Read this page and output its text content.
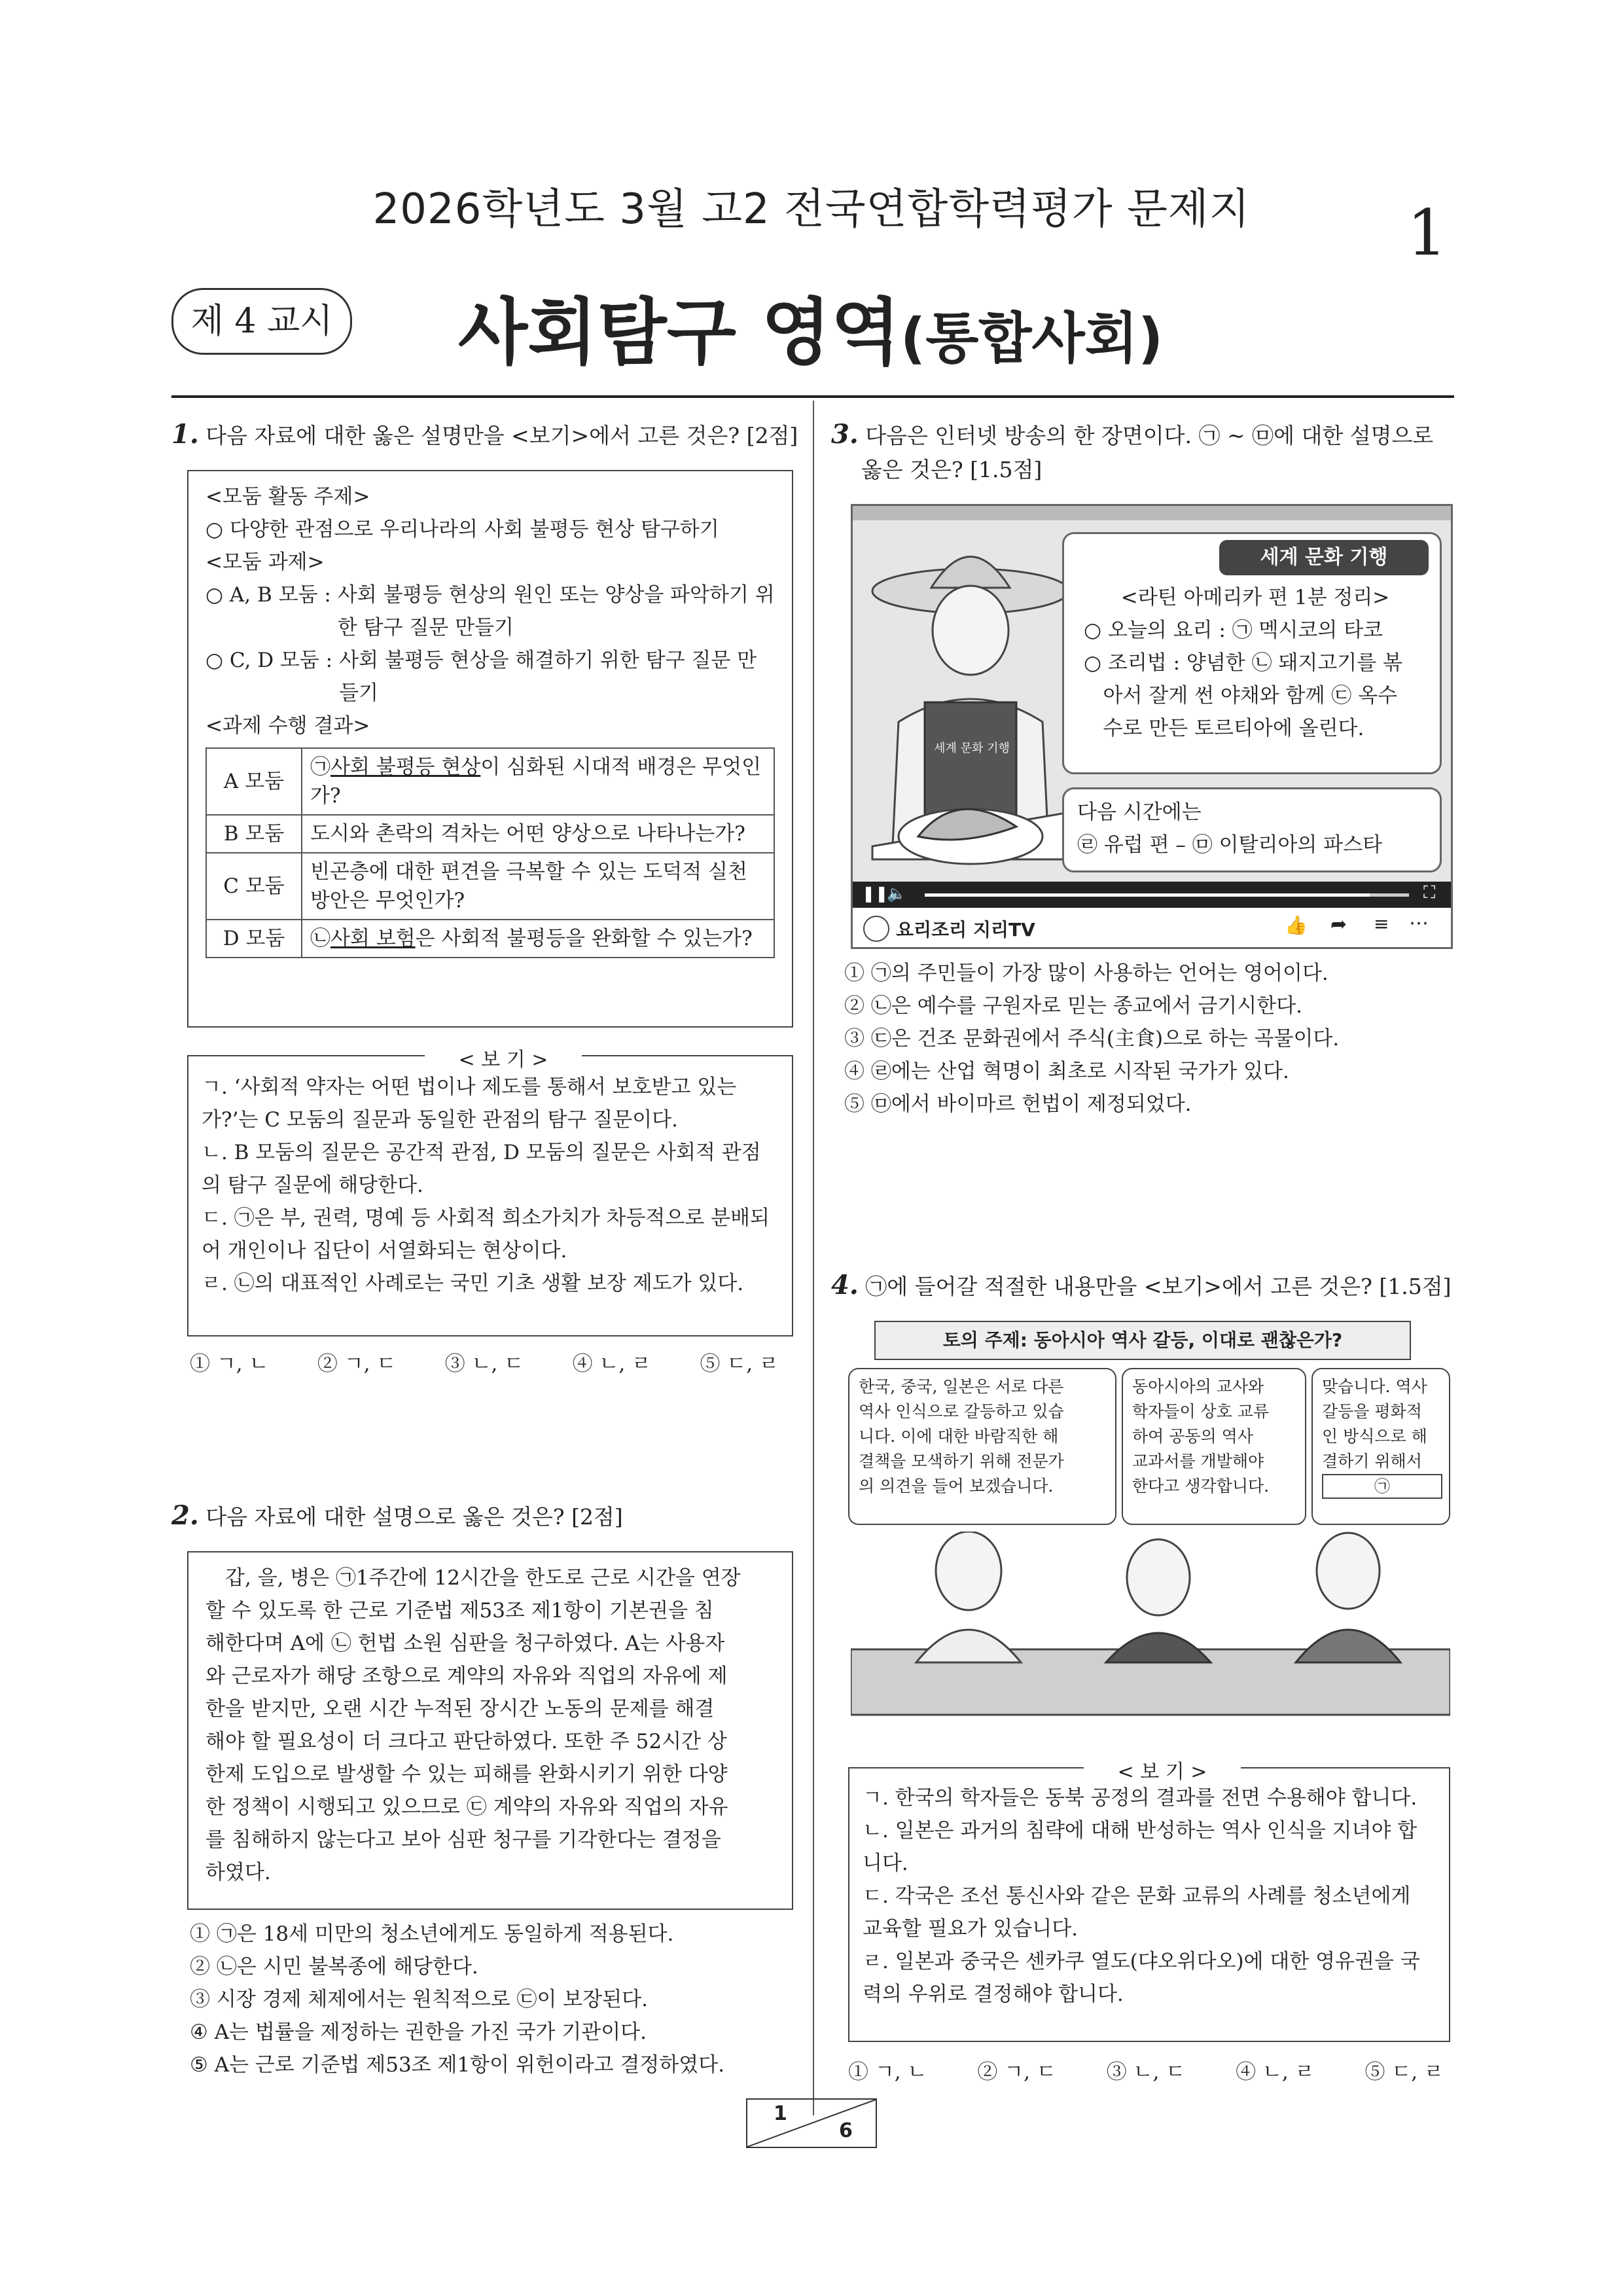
2026학년도 3월 고2 전국연합학력평가 문제지	1
제 4 교시 사회탐구 영역(통합사회)
1. 다음 자료에 대한 옳은 설명만을 <보기>에서 고른 것은? [2점]
<모둠 활동 주제>
○ 다양한 관점으로 우리나라의 사회 불평등 현상 탐구하기
<모둠 과제>
○ A, B 모둠 : 사회 불평등 현상의 원인 또는 양상을 파악하기 위한 탐구 질문 만들기
○ C, D 모둠 : 사회 불평등 현상을 해결하기 위한 탐구 질문 만들기
<과제 수행 결과>
A 모둠	㉠사회 불평등 현상이 심화된 시대적 배경은 무엇인가?
B 모둠	도시와 촌락의 격차는 어떤 양상으로 나타나는가?
C 모둠	빈곤층에 대한 편견을 극복할 수 있는 도덕적 실천 방안은 무엇인가?
D 모둠	㉡사회 보험은 사회적 불평등을 완화할 수 있는가?
ㄱ. ‘사회적 약자는 어떤 법이나 제도를 통해서 보호받고 있는가?’는 C 모둠의 질문과 동일한 관점의 탐구 질문이다.
ㄴ. B 모둠의 질문은 공간적 관점, D 모둠의 질문은 사회적 관점의 탐구 질문에 해당한다.
ㄷ. ㉠은 부, 권력, 명예 등 사회적 희소가치가 차등적으로 분배되어 개인이나 집단이 서열화되는 현상이다.
ㄹ. ㉡의 대표적인 사례로는 국민 기초 생활 보장 제도가 있다.
< 보 기 >
① ㄱ, ㄴ ② ㄱ, ㄷ ③ ㄴ, ㄷ ④ ㄴ, ㄹ ⑤ ㄷ, ㄹ
2. 다음 자료에 대한 설명으로 옳은 것은? [2점]
갑, 을, 병은 ㉠1주간에 12시간을 한도로 근로 시간을 연장
할 수 있도록 한 근로 기준법 제53조 제1항이 기본권을 침
해한다며 A에 ㉡ 헌법 소원 심판을 청구하였다. A는 사용자
와 근로자가 해당 조항으로 계약의 자유와 직업의 자유에 제
한을 받지만, 오랜 시간 누적된 장시간 노동의 문제를 해결
해야 할 필요성이 더 크다고 판단하였다. 또한 주 52시간 상
한제 도입으로 발생할 수 있는 피해를 완화시키기 위한 다양
한 정책이 시행되고 있으므로 ㉢ 계약의 자유와 직업의 자유
를 침해하지 않는다고 보아 심판 청구를 기각한다는 결정을
하였다.
① ㉠은 18세 미만의 청소년에게도 동일하게 적용된다.
② ㉡은 시민 불복종에 해당한다.
③ 시장 경제 체제에서는 원칙적으로 ㉢이 보장된다.
④ A는 법률을 제정하는 권한을 가진 국가 기관이다.
⑤ A는 근로 기준법 제53조 제1항이 위헌이라고 결정하였다.
3. 다음은 인터넷 방송의 한 장면이다. ㉠ ~ ㉤에 대한 설명으로
옳은 것은? [1.5점]
세계 문화 기행
<라틴 아메리카 편 1분 정리>
○ 오늘의 요리 : ㉠ 멕시코의 타코
○ 조리법 : 양념한 ㉡ 돼지고기를 볶
아서 잘게 썬 야채와 함께 ㉢ 옥수
수로 만든 토르티아에 올린다.
세계 문화 기행
다음 시간에는
㉣ 유럽 편 – ㉤ 이탈리아의 파스타
❚❚
🔈	⛶
요리조리 지리TV	👍 ➦ ≡ ⋯
① ㉠의 주민들이 가장 많이 사용하는 언어는 영어이다.
② ㉡은 예수를 구원자로 믿는 종교에서 금기시한다.
③ ㉢은 건조 문화권에서 주식(主食)으로 하는 곡물이다.
④ ㉣에는 산업 혁명이 최초로 시작된 국가가 있다.
⑤ ㉤에서 바이마르 헌법이 제정되었다.
4. ㉠에 들어갈 적절한 내용만을 <보기>에서 고른 것은? [1.5점]
토의 주제: 동아시아 역사 갈등, 이대로 괜찮은가?
한국, 중국, 일본은 서로 다른
역사 인식으로 갈등하고 있습
니다. 이에 대한 바람직한 해
결책을 모색하기 위해 전문가
의 의견을 들어 보겠습니다.
동아시아의 교사와
학자들이 상호 교류
하여 공동의 역사
교과서를 개발해야
한다고 생각합니다.
맞습니다. 역사
갈등을 평화적
인 방식으로 해
결하기 위해서
㉠
ㄱ. 한국의 학자들은 동북 공정의 결과를 전면 수용해야 합니다.
ㄴ. 일본은 과거의 침략에 대해 반성하는 역사 인식을 지녀야 합니다.
ㄷ. 각국은 조선 통신사와 같은 문화 교류의 사례를 청소년에게 교육할 필요가 있습니다.
ㄹ. 일본과 중국은 센카쿠 열도(댜오위다오)에 대한 영유권을 국력의 우위로 결정해야 합니다.
< 보 기 >
① ㄱ, ㄴ ② ㄱ, ㄷ ③ ㄴ, ㄷ ④ ㄴ, ㄹ ⑤ ㄷ, ㄹ
1
6
